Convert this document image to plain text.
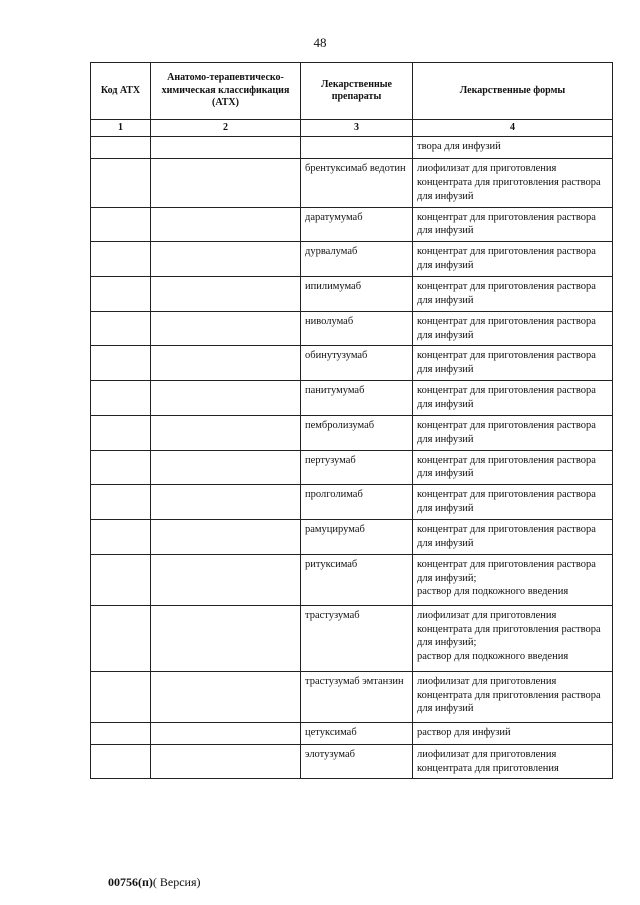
48
Код АТХ	Анатомо-терапевтическо-химическая классификация (АТХ)	Лекарственные препараты	Лекарственные формы
1	2	3	4
			твора для инфузий
		брентуксимаб ведотин	лиофилизат для приготовления концентрата для приготовления раствора для инфузий
		даратумумаб	концентрат для приготовления раствора для инфузий
		дурвалумаб	концентрат для приготовления раствора для инфузий
		ипилимумаб	концентрат для приготовления раствора для инфузий
		ниволумаб	концентрат для приготовления раствора для инфузий
		обинутузумаб	концентрат для приготовления раствора для инфузий
		панитумумаб	концентрат для приготовления раствора для инфузий
		пембролизумаб	концентрат для приготовления раствора для инфузий
		пертузумаб	концентрат для приготовления раствора для инфузий
		пролголимаб	концентрат для приготовления раствора для инфузий
		рамуцирумаб	концентрат для приготовления раствора для инфузий
		ритуксимаб	концентрат для приготовления раствора для инфузий;
раствор для подкожного введения
		трастузумаб	лиофилизат для приготовления концентрата для приготовления раствора для инфузий;
раствор для подкожного введения
		трастузумаб эмтанзин	лиофилизат для приготовления концентрата для приготовления раствора для инфузий
		цетуксимаб	раствор для инфузий
		элотузумаб	лиофилизат для приготовления концентрата для приготовления
00756(п)( Версия)
